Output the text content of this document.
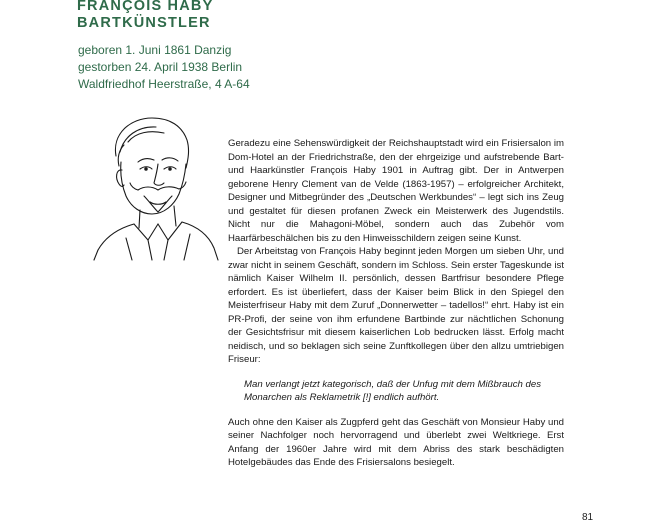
FRANÇOIS HABY
BARTKÜNSTLER
geboren 1. Juni 1861 Danzig
gestorben 24. April 1938 Berlin
Waldfriedhof Heerstraße, 4 A-64

Geradezu eine Sehenswürdigkeit der Reichshauptstadt wird ein Frisiersalon im Dom-Hotel an der Friedrichstraße, den der ehrgeizige und aufstrebende Bart- und Haarkünstler François Haby 1901 in Auftrag gibt. Der in Antwerpen geborene Henry Clement van de Velde (1863-1957) – erfolgreicher Architekt, Designer und Mitbegründer des „Deutschen Werkbundes“ – legt sich ins Zeug und gestaltet für diesen profanen Zweck ein Meisterwerk des Jugendstils. Nicht nur die Mahagoni-Möbel, sondern auch das Zubehör vom Haarfärbeschälchen bis zu den Hinweisschildern zeigen seine Kunst.

Der Arbeitstag von François Haby beginnt jeden Morgen um sieben Uhr, und zwar nicht in seinem Geschäft, sondern im Schloss. Sein erster Tageskunde ist nämlich Kaiser Wilhelm II. persönlich, dessen Bartfrisur besondere Pflege erfordert. Es ist überliefert, dass der Kaiser beim Blick in den Spiegel den Meisterfriseur Haby mit dem Zuruf „Donnerwetter – tadellos!“ ehrt. Haby ist ein PR-Profi, der seine von ihm erfundene Bartbinde zur nächtlichen Schonung der Gesichtsfrisur mit diesem kaiserlichen Lob bedrucken lässt. Erfolg macht neidisch, und so beklagen sich seine Zunftkollegen über den allzu umtriebigen Friseur:

Man verlangt jetzt kategorisch, daß der Unfug mit dem Mißbrauch des Monarchen als Reklametrik [!] endlich aufhört.

Auch ohne den Kaiser als Zugpferd geht das Geschäft von Monsieur Haby und seiner Nachfolger noch hervorragend und überlebt zwei Weltkriege. Erst Anfang der 1960er Jahre wird mit dem Abriss des stark beschädigten Hotelgebäudes das Ende des Frisiersalons besiegelt.

81
